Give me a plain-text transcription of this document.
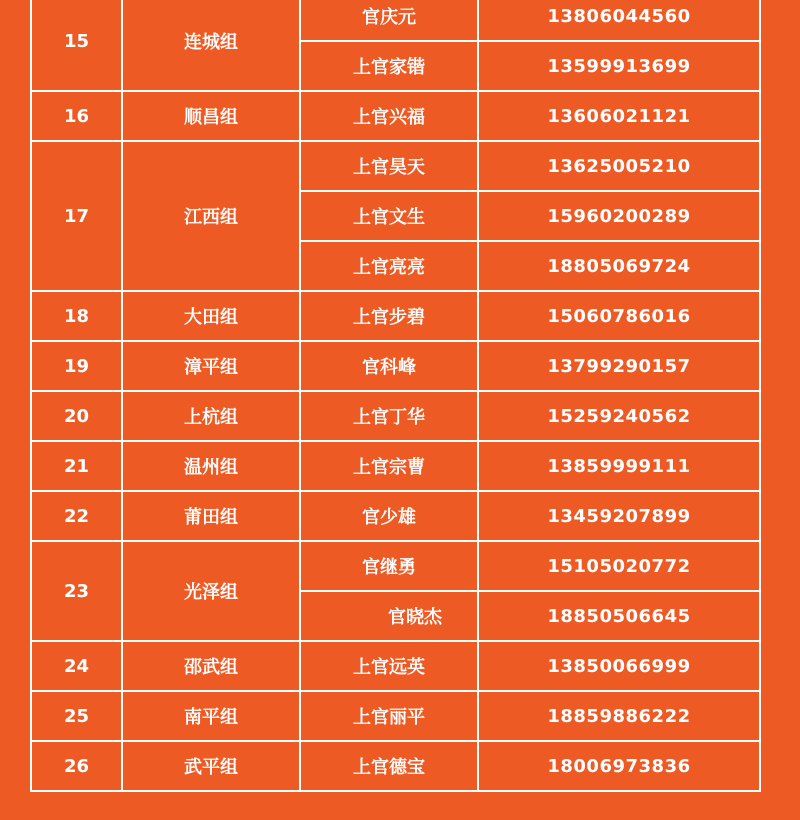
15	连城组	官庆元	13806044560
		上官家锴	13599913699
16	顺昌组	上官兴福	13606021121
17	江西组	上官昊天	13625005210
		上官文生	15960200289
		上官亮亮	18805069724
18	大田组	上官步碧	15060786016
19	漳平组	官科峰	13799290157
20	上杭组	上官丁华	15259240562
21	温州组	上官宗曹	13859999111
22	莆田组	官少雄	13459207899
23	光泽组	官继勇	15105020772
		官晓杰	18850506645
24	邵武组	上官远英	13850066999
25	南平组	上官丽平	18859886222
26	武平组	上官德宝	18006973836
